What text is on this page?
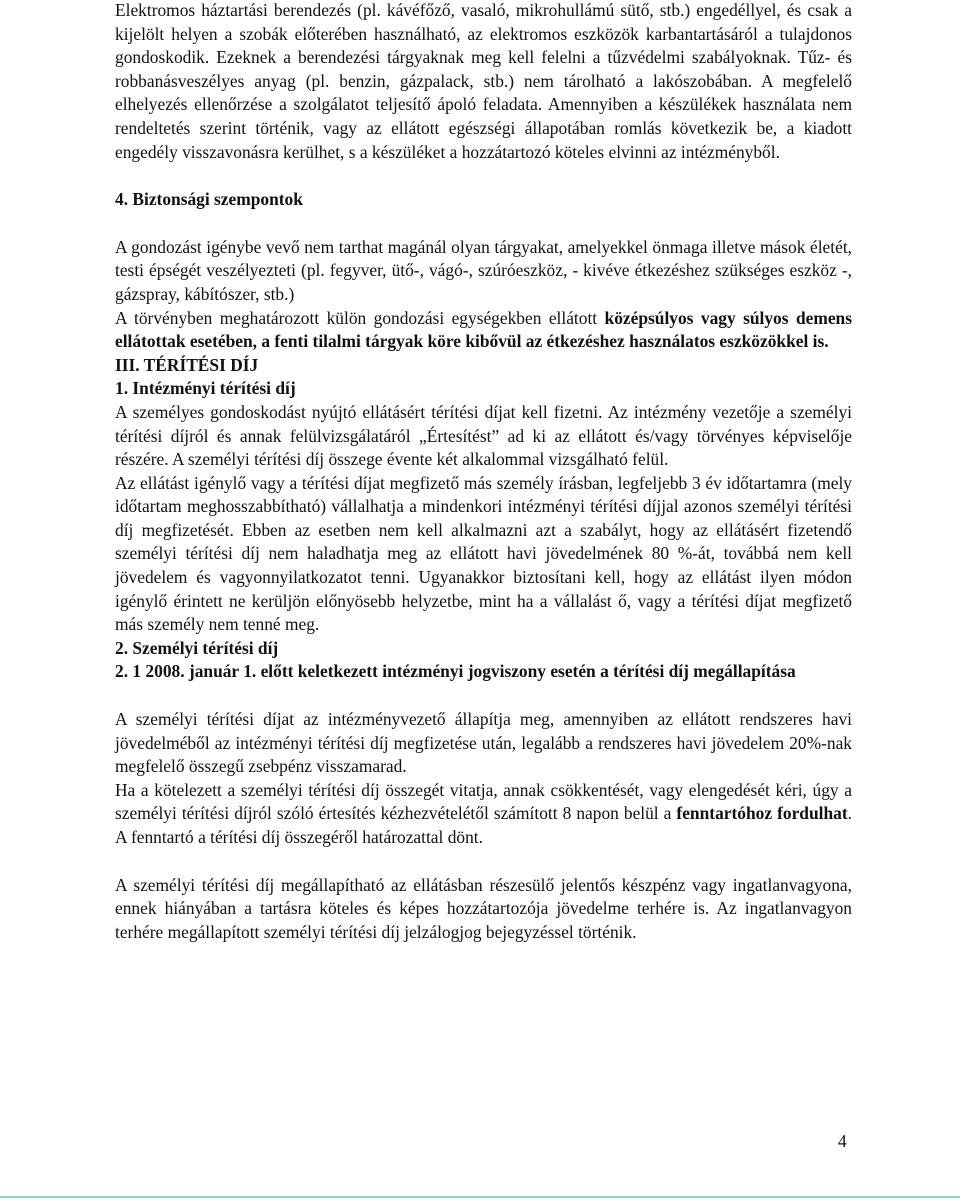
Elektromos háztartási berendezés (pl. kávéfőző, vasaló, mikrohullámú sütő, stb.) engedéllyel, és csak a kijelölt helyen a szobák előterében használható, az elektromos eszközök karbantartásáról a tulajdonos gondoskodik. Ezeknek a berendezési tárgyaknak meg kell felelni a tűzvédelmi szabályoknak. Tűz- és robbanásveszélyes anyag (pl. benzin, gázpalack, stb.) nem tárolható a lakószobában. A megfelelő elhelyezés ellenőrzése a szolgálatot teljesítő ápoló feladata. Amennyiben a készülékek használata nem rendeltetés szerint történik, vagy az ellátott egészségi állapotában romlás következik be, a kiadott engedély visszavonásra kerülhet, s a készüléket a hozzátartozó köteles elvinni az intézményből.

4. Biztonsági szempontok

A gondozást igénybe vevő nem tarthat magánál olyan tárgyakat, amelyekkel önmaga illetve mások életét, testi épségét veszélyezteti (pl. fegyver, ütő-, vágó-, szúróeszköz, - kivéve étkezéshez szükséges eszköz -, gázspray, kábítószer, stb.)

A törvényben meghatározott külön gondozási egységekben ellátott középsúlyos vagy súlyos demens ellátottak esetében, a fenti tilalmi tárgyak köre kibővül az étkezéshez használatos eszközökkel is.

III. TÉRÍTÉSI DÍJ

1. Intézményi térítési díj

A személyes gondoskodást nyújtó ellátásért térítési díjat kell fizetni. Az intézmény vezetője a személyi térítési díjról és annak felülvizsgálatáról „Értesítést” ad ki az ellátott és/vagy törvényes képviselője részére. A személyi térítési díj összege évente két alkalommal vizsgálható felül.

Az ellátást igénylő vagy a térítési díjat megfizető más személy írásban, legfeljebb 3 év időtartamra (mely időtartam meghosszabbítható) vállalhatja a mindenkori intézményi térítési díjjal azonos személyi térítési díj megfizetését. Ebben az esetben nem kell alkalmazni azt a szabályt, hogy az ellátásért fizetendő személyi térítési díj nem haladhatja meg az ellátott havi jövedelmének 80 %-át, továbbá nem kell jövedelem és vagyonnyilatkozatot tenni. Ugyanakkor biztosítani kell, hogy az ellátást ilyen módon igénylő érintett ne kerüljön előnyösebb helyzetbe, mint ha a vállalást ő, vagy a térítési díjat megfizető más személy nem tenné meg.

2. Személyi térítési díj

2. 1 2008. január 1. előtt keletkezett intézményi jogviszony esetén a térítési díj megállapítása

A személyi térítési díjat az intézményvezető állapítja meg, amennyiben az ellátott rendszeres havi jövedelméből az intézményi térítési díj megfizetése után, legalább a rendszeres havi jövedelem 20%-nak megfelelő összegű zsebpénz visszamarad.

Ha a kötelezett a személyi térítési díj összegét vitatja, annak csökkentését, vagy elengedését kéri, úgy a személyi térítési díjról szóló értesítés kézhezvételétől számított 8 napon belül a fenntartóhoz fordulhat. A fenntartó a térítési díj összegéről határozattal dönt.

A személyi térítési díj megállapítható az ellátásban részesülő jelentős készpénz vagy ingatlanvagyona, ennek hiányában a tartásra köteles és képes hozzátartozója jövedelme terhére is. Az ingatlanvagyon terhére megállapított személyi térítési díj jelzálogjog bejegyzéssel történik.

4
